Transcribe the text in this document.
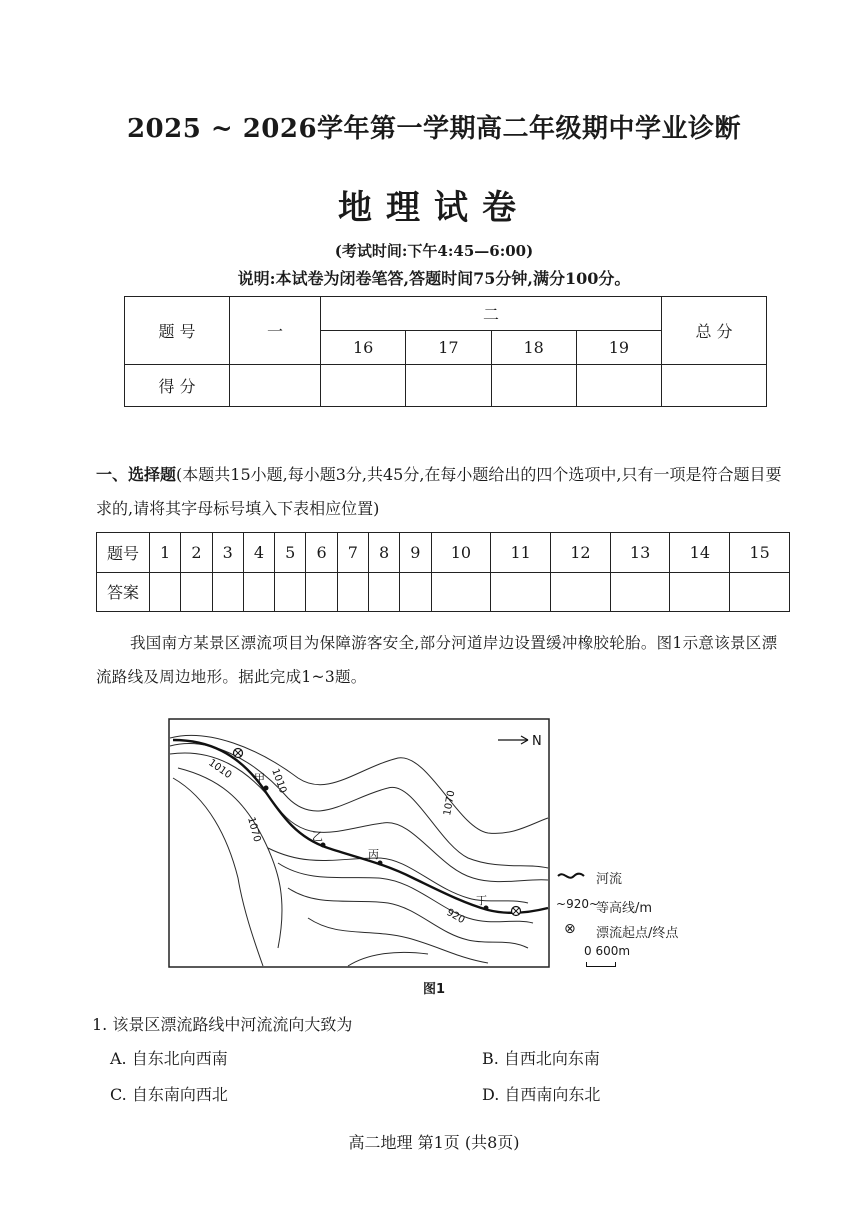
2025 ~ 2026学年第一学期高二年级期中学业诊断
地理试卷
(考试时间:下午4:45—6:00)
说明:本试卷为闭卷笔答,答题时间75分钟,满分100分。
题 号	一	二				总 分
		16	17	18	19	
得 分						
一、选择题(本题共15小题,每小题3分,共45分,在每小题给出的四个选项中,只有一项是符合题目要求的,请将其字母标号填入下表相应位置)
题号	1	2	3	4	5	6	7	8	9	10	11	12	13	14	15
答案															
我国南方某景区漂流项目为保障游客安全,部分河道岸边设置缓冲橡胶轮胎。图1示意该景区漂流路线及周边地形。据此完成1~3题。
甲
乙
丙
丁
1010	1010
1070
1070
920
N
河流
~920~
等高线/m
⊗ 漂流起点/终点
0 600m
图1
1. 该景区漂流路线中河流流向大致为
A. 自东北向西南	B. 自西北向东南
C. 自东南向西北	D. 自西南向东北
高二地理 第1页 (共8页)
